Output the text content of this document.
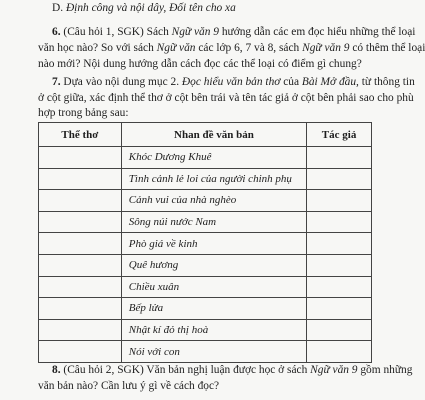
D. Định công và nội dây, Đối tên cho xa
6. (Câu hỏi 1, SGK) Sách Ngữ văn 9 hướng dẫn các em đọc hiểu những thể loại
văn học nào? So với sách Ngữ văn các lớp 6, 7 và 8, sách Ngữ văn 9 có thêm thể loại
nào mới? Nội dung hướng dẫn cách đọc các thể loại có điểm gì chung?
7. Dựa vào nội dung mục 2. Đọc hiểu văn bản thơ của Bài Mở đầu, từ thông tin
ở cột giữa, xác định thể thơ ở cột bên trái và tên tác giả ở cột bên phải sao cho phù
hợp trong bảng sau:
Thể thơ	Nhan đề văn bản	Tác giả
	Khóc Dương Khuê	
	Tình cảnh lẻ loi của người chinh phụ	
	Cảnh vui của nhà nghèo	
	Sông núi nước Nam	
	Phò giá về kinh	
	Quê hương	
	Chiều xuân	
	Bếp lửa	
	Nhật kí đỏ thị hoà	
	Nói với con	
8. (Câu hỏi 2, SGK) Văn bản nghị luận được học ở sách Ngữ văn 9 gồm những
văn bản nào? Cần lưu ý gì về cách đọc?
